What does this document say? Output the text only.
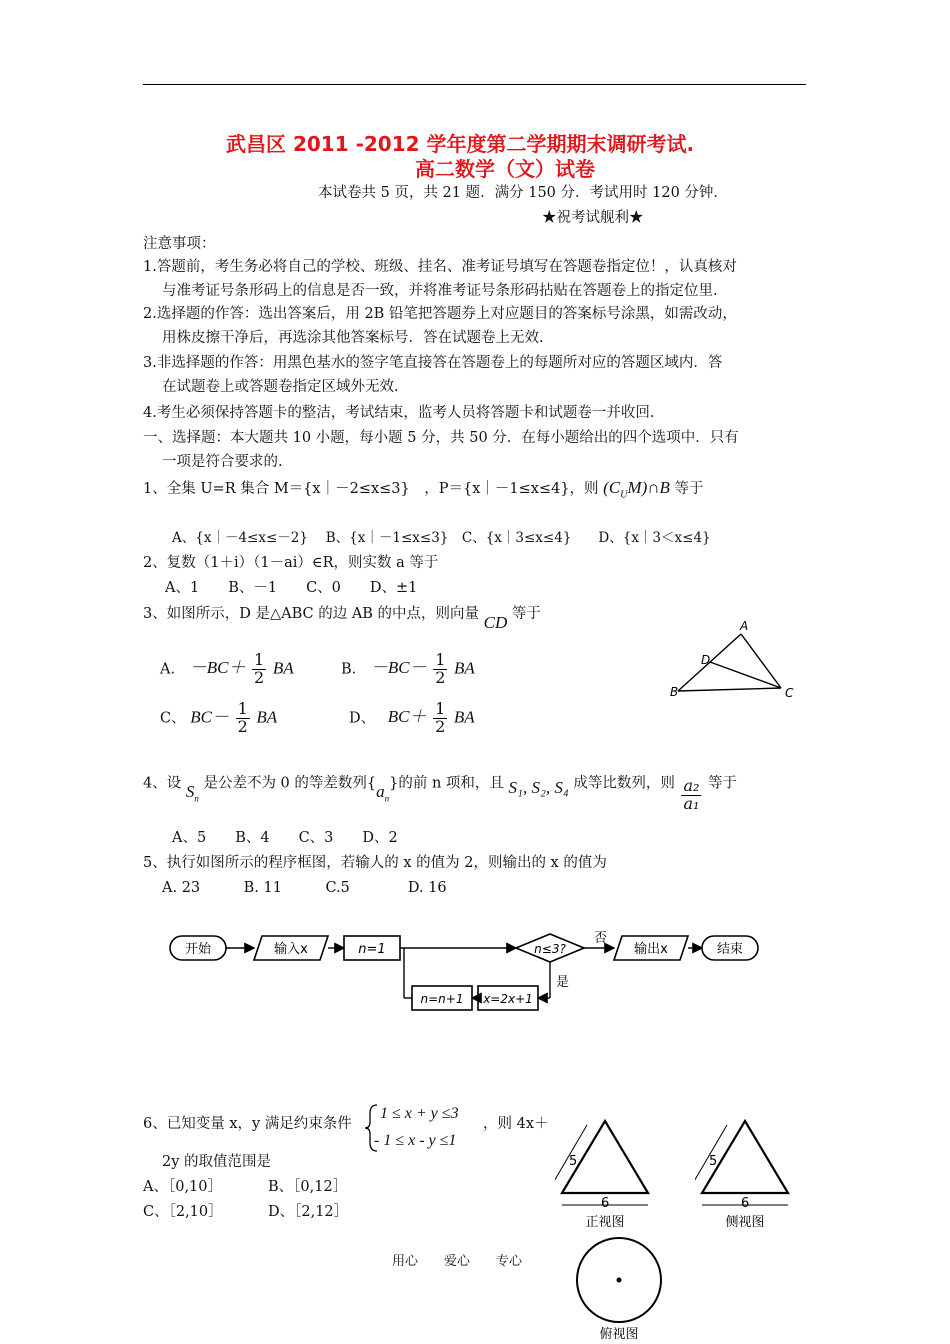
武昌区 2011 -2012 学年度第二学期期末调研考试.
高二数学（文）试卷
本试卷共 5 页，共 21 题．满分 150 分．考试用时 120 分钟．
★祝考试舰利★
注意事项：
1.答题前，考生务必将自己的学校、班级、挂名、准考证号填写在答题卷指定位！，认真核对
与准考证号条形码上的信息是否一致，并将准考证号条形码拈贴在答题卷上的指定位里.
2.选择题的作答：选出答案后，用 2B 铅笔把答题券上对应题目的答案标号涂黑，如需改动，
用株皮擦干净后，再选涂其他答案标号．答在试题卷上无效.
3.非选择题的作答：用黑色基水的签字笔直接答在答题卷上的每题所对应的答题区域内．答
在试题卷上或答题卷指定区域外无效.
4.考生必须保持答题卡的整洁，考试结束，监考人员将答题卡和试题卷一并收回.
一、选择题：本大题共 10 小题，每小题 5 分，共 50 分．在每小题给出的四个选项中．只有
一项是符合要求的.
1、全集 U=R 集合 M＝{x｜－2≤x≤3}　，P＝{x｜－1≤x≤4}，则 $(C_UM)\cap B$ 等于
A、{x｜－4≤x≤－2}　 B、{x｜－1≤x≤3}　C、{x｜3≤x≤4}　　D、{x｜3＜x≤4}
2、复数（1＋i）（1－ai）∈R，则实数 a 等于
A、1　　B、－1　　C、0　　D、±1
3、如图所示，D 是△ABC 的边 AB 的中点，则向量 CD 等于
A. $-BC+ \frac{1}{2}$ BA	B. $-BC- \frac{1}{2}$ BA
C、 $BC- \frac{1}{2}$ BA	D、 $BC+ \frac{1}{2}$ BA
A
B	C
D
4、设 $S_n$ 是公差不为 0 的等差数列$\{a_n\}$的前 n 项和，且 S₁, S₂, S₄ 成等比数列，则 $\frac{\text{a₂}}{\text{a₁}}$ 等于
A、5　　B、4　　C、3　　D、2
5、执行如图所示的程序框图，若输人的 x 的值为 2，则输出的 x 的值为
A. 23　　　B. 11　　　C.5　　　　D. 16
开始	输入x	n=1	n≤3?
否
输出x	结束
是
x=2x+1
n=n+1
6、已知变量 x，y 满足约束条件
1 ≤ x + y ≤3
- 1 ≤ x - y ≤1
，则 4x＋
2y 的取值范围是
A、［0,10］	B、［0,12］
C、［2,10］	D、［2,12］
5
6
正视图
5
6
侧视图
俯视图
用心　　爱心　　专心
